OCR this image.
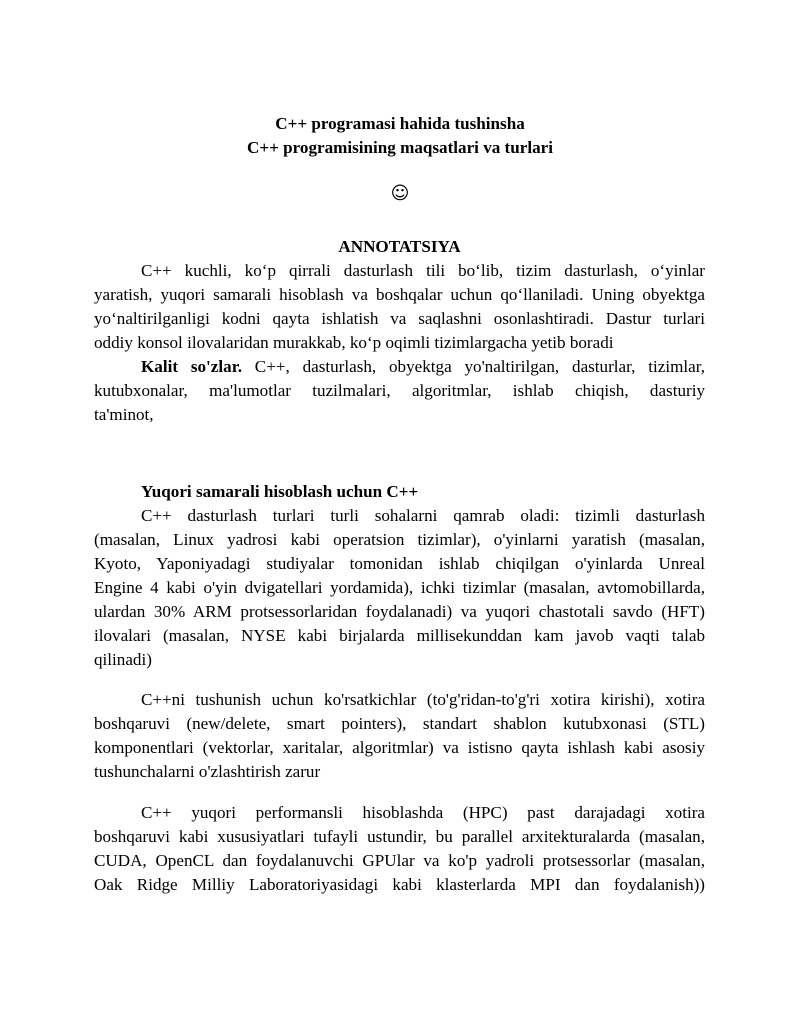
C++ programasi hahida tushinsha
C++ programisining maqsatlari va turlari
☺
ANNOTATSIYA
C++ kuchli, ko‘p qirrali dasturlash tili bo‘lib, tizim dasturlash, o‘yinlar
yaratish, yuqori samarali hisoblash va boshqalar uchun qo‘llaniladi. Uning obyektga
yo‘naltirilganligi kodni qayta ishlatish va saqlashni osonlashtiradi. Dastur turlari
oddiy konsol ilovalaridan murakkab, ko‘p oqimli tizimlargacha yetib boradi
Kalit so'zlar. C++, dasturlash, obyektga yo'naltirilgan, dasturlar, tizimlar,
kutubxonalar, ma'lumotlar tuzilmalari, algoritmlar, ishlab chiqish, dasturiy
ta'minot,
Yuqori samarali hisoblash uchun C++
C++ dasturlash turlari turli sohalarni qamrab oladi: tizimli dasturlash
(masalan, Linux yadrosi kabi operatsion tizimlar), o'yinlarni yaratish (masalan,
Kyoto, Yaponiyadagi studiyalar tomonidan ishlab chiqilgan o'yinlarda Unreal
Engine 4 kabi o'yin dvigatellari yordamida), ichki tizimlar (masalan, avtomobillarda,
ulardan 30% ARM protsessorlaridan foydalanadi) va yuqori chastotali savdo (HFT)
ilovalari (masalan, NYSE kabi birjalarda millisekunddan kam javob vaqti talab
qilinadi)
C++ni tushunish uchun ko'rsatkichlar (to'g'ridan-to'g'ri xotira kirishi), xotira
boshqaruvi (new/delete, smart pointers), standart shablon kutubxonasi (STL)
komponentlari (vektorlar, xaritalar, algoritmlar) va istisno qayta ishlash kabi asosiy
tushunchalarni o'zlashtirish zarur
C++ yuqori performansli hisoblashda (HPC) past darajadagi xotira
boshqaruvi kabi xususiyatlari tufayli ustundir, bu parallel arxitekturalarda (masalan,
CUDA, OpenCL dan foydalanuvchi GPUlar va ko'p yadroli protsessorlar (masalan,
Oak Ridge Milliy Laboratoriyasidagi kabi klasterlarda MPI dan foydalanish))
